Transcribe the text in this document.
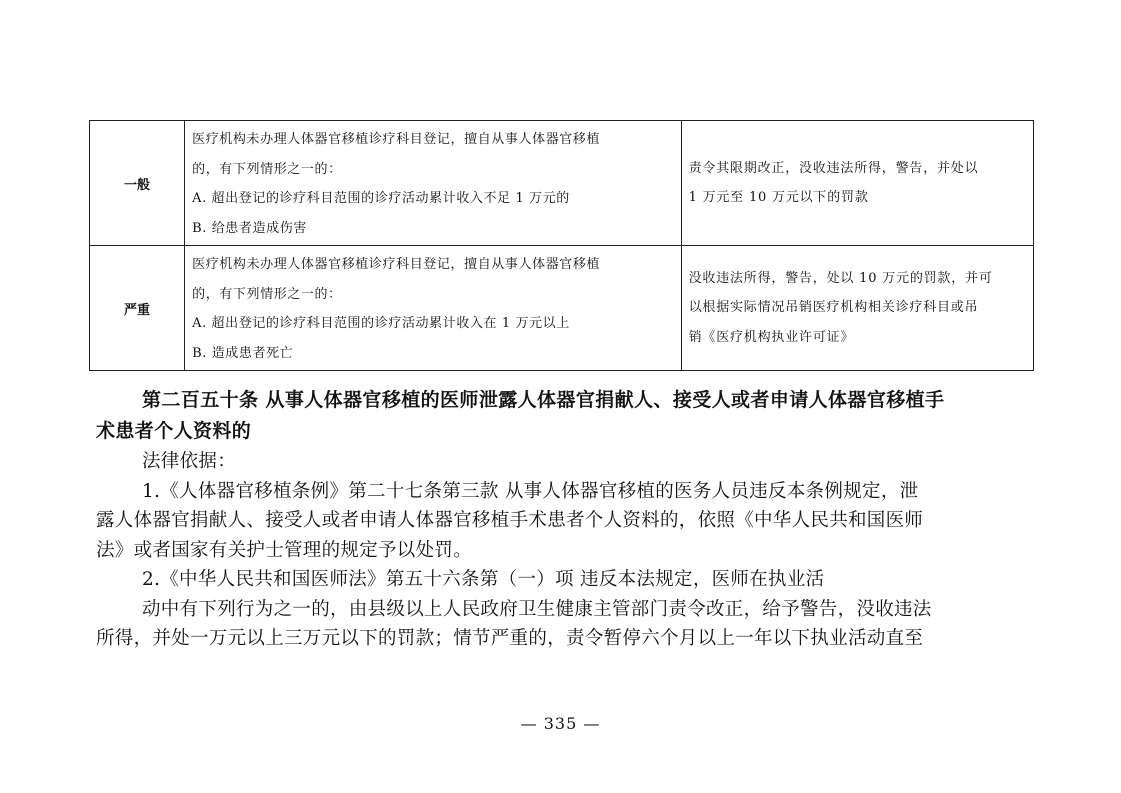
一般	医疗机构未办理人体器官移植诊疗科目登记，擅自从事人体器官移植
的，有下列情形之一的：
A. 超出登记的诊疗科目范围的诊疗活动累计收入不足 1 万元的
B. 给患者造成伤害	责令其限期改正，没收违法所得，警告，并处以
1 万元至 10 万元以下的罚款

严重	医疗机构未办理人体器官移植诊疗科目登记，擅自从事人体器官移植
的，有下列情形之一的：
A. 超出登记的诊疗科目范围的诊疗活动累计收入在 1 万元以上
B. 造成患者死亡	没收违法所得，警告，处以 10 万元的罚款，并可
以根据实际情况吊销医疗机构相关诊疗科目或吊
销《医疗机构执业许可证》

第二百五十条 从事人体器官移植的医师泄露人体器官捐献人、接受人或者申请人体器官移植手
术患者个人资料的

法律依据：

1.《人体器官移植条例》第二十七条第三款 从事人体器官移植的医务人员违反本条例规定，泄
露人体器官捐献人、接受人或者申请人体器官移植手术患者个人资料的，依照《中华人民共和国医师
法》或者国家有关护士管理的规定予以处罚。

2.《中华人民共和国医师法》第五十六条第（一）项 违反本法规定，医师在执业活
动中有下列行为之一的，由县级以上人民政府卫生健康主管部门责令改正，给予警告，没收违法
所得，并处一万元以上三万元以下的罚款；情节严重的，责令暂停六个月以上一年以下执业活动直至

— 335 —
